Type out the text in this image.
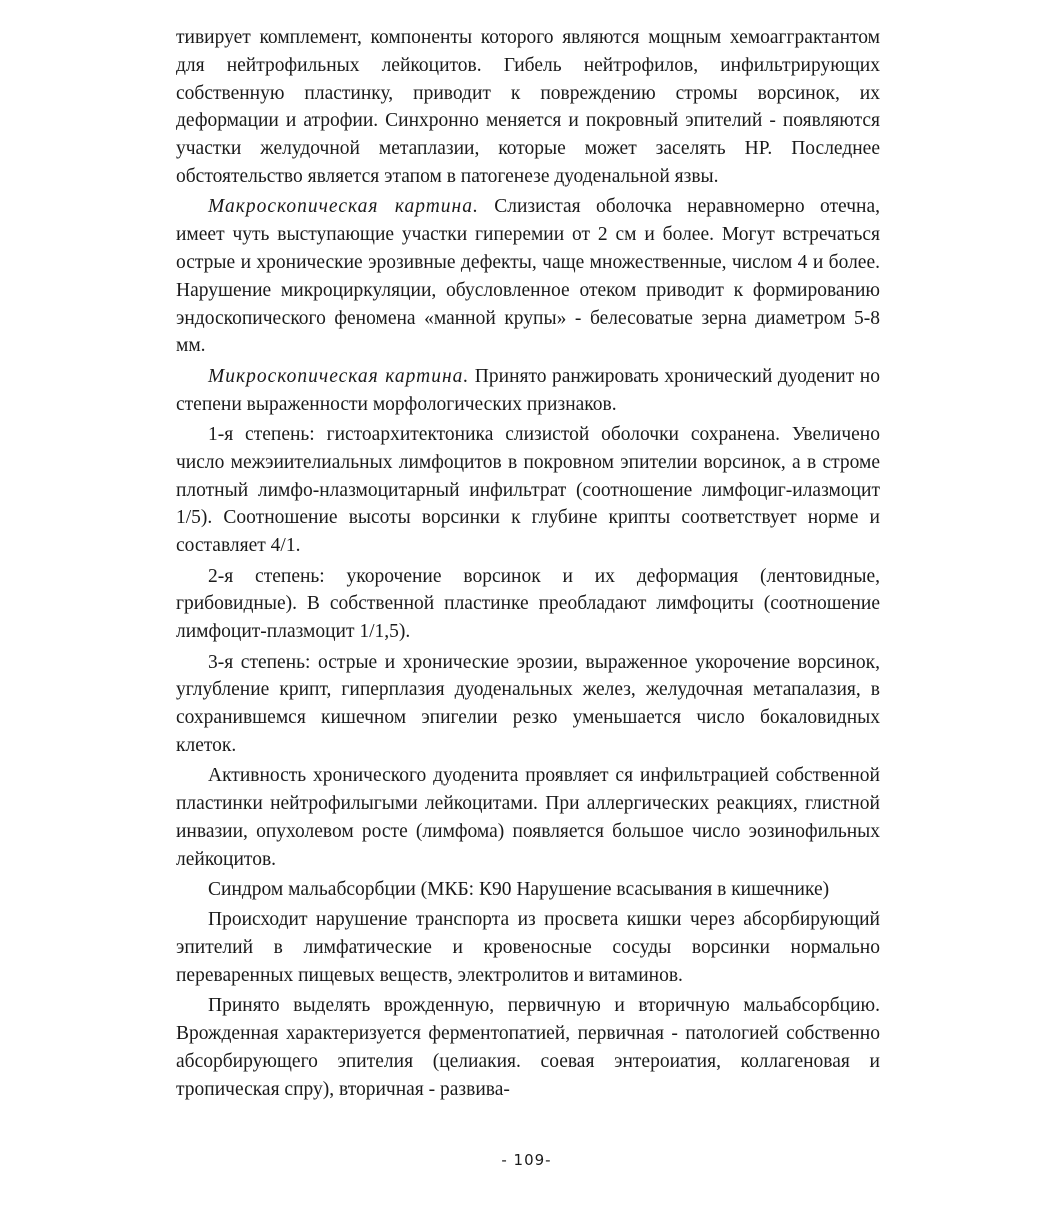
тивирует комплемент, компоненты которого являются мощным хемоагграктантом для нейтрофильных лейкоцитов. Гибель нейтрофилов, инфильтрирующих собственную пластинку, приводит к повреждению стромы ворсинок, их деформации и атрофии. Синхронно меняется и покровный эпителий - появляются участки желудочной метаплазии, которые может заселять HP. Последнее обстоятельство является этапом в патогенезе дуоденальной язвы.

Макроскопическая картина. Слизистая оболочка неравномерно отечна, имеет чуть выступающие участки гиперемии от 2 см и более. Могут встречаться острые и хронические эрозивные дефекты, чаще множественные, числом 4 и более. Нарушение микроциркуляции, обусловленное отеком приводит к формированию эндоскопического феномена «манной крупы» - белесоватые зерна диаметром 5-8 мм.

Микроскопическая картина. Принято ранжировать хронический дуоденит но степени выраженности морфологических признаков.

1-я степень: гистоархитектоника слизистой оболочки сохранена. Увеличено число межэиителиальных лимфоцитов в покровном эпителии ворсинок, а в строме плотный лимфо-нлазмоцитарный инфильтрат (соотношение лимфоциг-илазмоцит 1/5). Соотношение высоты ворсинки к глубине крипты соответствует норме и составляет 4/1.

2-я степень: укорочение ворсинок и их деформация (лентовидные, грибовидные). В собственной пластинке преобладают лимфоциты (соотношение лимфоцит-плазмоцит 1/1,5).

3-я степень: острые и хронические эрозии, выраженное укорочение ворсинок, углубление крипт, гиперплазия дуоденальных желез, желудочная метапалазия, в сохранившемся кишечном эпигелии резко уменьшается число бокаловидных клеток.

Активность хронического дуоденита проявляет ся инфильтрацией собственной пластинки нейтрофилыгыми лейкоцитами. При аллергических реакциях, глистной инвазии, опухолевом росте (лимфома) появляется большое число эозинофильных лейкоцитов.

Синдром мальабсорбции (МКБ: К90 Нарушение всасывания в кишечнике)

Происходит нарушение транспорта из просвета кишки через абсорбирующий эпителий в лимфатические и кровеносные сосуды ворсинки нормально переваренных пищевых веществ, электролитов и витаминов.

Принято выделять врожденную, первичную и вторичную мальабсорбцию. Врожденная характеризуется ферментопатией, первичная - патологией собственно абсорбирующего эпителия (целиакия. соевая энтероиатия, коллагеновая и тропическая спру), вторичная - развива-

- 109-
